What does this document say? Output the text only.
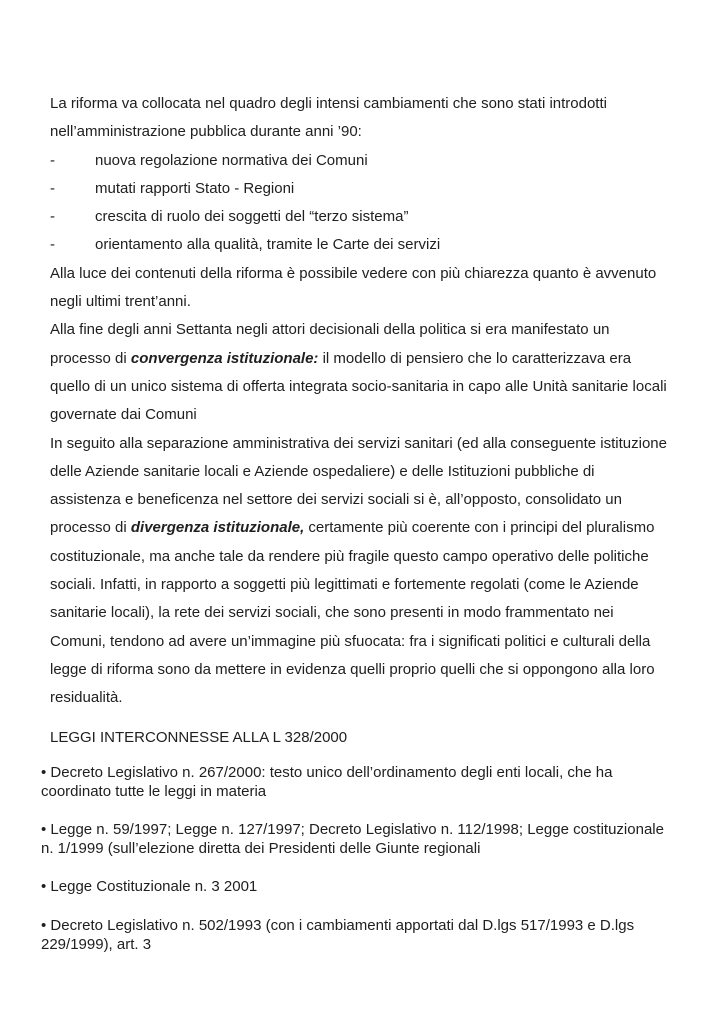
La riforma va collocata nel quadro degli intensi cambiamenti che sono stati introdotti nell’amministrazione pubblica durante anni ’90:

-	nuova regolazione normativa dei Comuni
-	mutati rapporti Stato - Regioni
-	crescita di ruolo dei soggetti del “terzo sistema”
-	orientamento alla qualità, tramite le Carte dei servizi

Alla luce dei contenuti della riforma è possibile vedere con più chiarezza quanto è avvenuto negli ultimi trent’anni.

Alla fine degli anni Settanta negli attori decisionali della politica si era manifestato un processo di convergenza istituzionale: il modello di pensiero che lo caratterizzava era quello di un unico sistema di offerta integrata socio-sanitaria in capo alle Unità sanitarie locali governate dai Comuni

In seguito alla separazione amministrativa dei servizi sanitari (ed alla conseguente istituzione delle Aziende sanitarie locali e Aziende ospedaliere) e delle Istituzioni pubbliche di assistenza e beneficenza nel settore dei servizi sociali si è, all’opposto, consolidato un processo di divergenza istituzionale, certamente più coerente con i principi del pluralismo costituzionale, ma anche tale da rendere più fragile questo campo operativo delle politiche sociali. Infatti, in rapporto a soggetti più legittimati e fortemente regolati (come le Aziende sanitarie locali), la rete dei servizi sociali, che sono presenti in modo frammentato nei Comuni, tendono ad avere un’immagine più sfuocata: fra i significati politici e culturali della legge di riforma sono da mettere in evidenza quelli proprio quelli che si oppongono alla loro residualità.

LEGGI INTERCONNESSE ALLA L 328/2000

• Decreto Legislativo n. 267/2000: testo unico dell’ordinamento degli enti locali, che ha coordinato tutte le leggi in materia

• Legge n. 59/1997; Legge n. 127/1997; Decreto Legislativo n. 112/1998; Legge costituzionale n. 1/1999 (sull’elezione diretta dei Presidenti delle Giunte regionali

• Legge Costituzionale n. 3 2001

• Decreto Legislativo n. 502/1993 (con i cambiamenti apportati dal D.lgs 517/1993 e D.lgs 229/1999), art. 3
